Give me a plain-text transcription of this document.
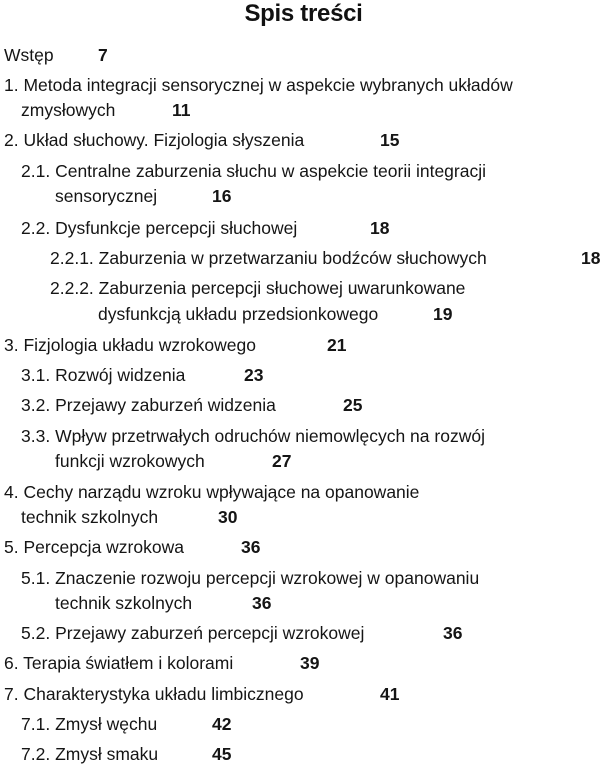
Spis treści
Wstęp	7
1. Metoda integracji sensorycznej w aspekcie wybranych układów
zmysłowych	11
2. Układ słuchowy. Fizjologia słyszenia	15
2.1. Centralne zaburzenia słuchu w aspekcie teorii integracji
sensorycznej	16
2.2. Dysfunkcje percepcji słuchowej	18
2.2.1. Zaburzenia w przetwarzaniu bodźców słuchowych	18
2.2.2. Zaburzenia percepcji słuchowej uwarunkowane
dysfunkcją układu przedsionkowego	19
3. Fizjologia układu wzrokowego	21
3.1. Rozwój widzenia	23
3.2. Przejawy zaburzeń widzenia	25
3.3. Wpływ przetrwałych odruchów niemowlęcych na rozwój
funkcji wzrokowych	27
4. Cechy narządu wzroku wpływające na opanowanie
technik szkolnych	30
5. Percepcja wzrokowa	36
5.1. Znaczenie rozwoju percepcji wzrokowej w opanowaniu
technik szkolnych	36
5.2. Przejawy zaburzeń percepcji wzrokowej	36
6. Terapia światłem i kolorami	39
7. Charakterystyka układu limbicznego	41
7.1. Zmysł węchu	42
7.2. Zmysł smaku	45
